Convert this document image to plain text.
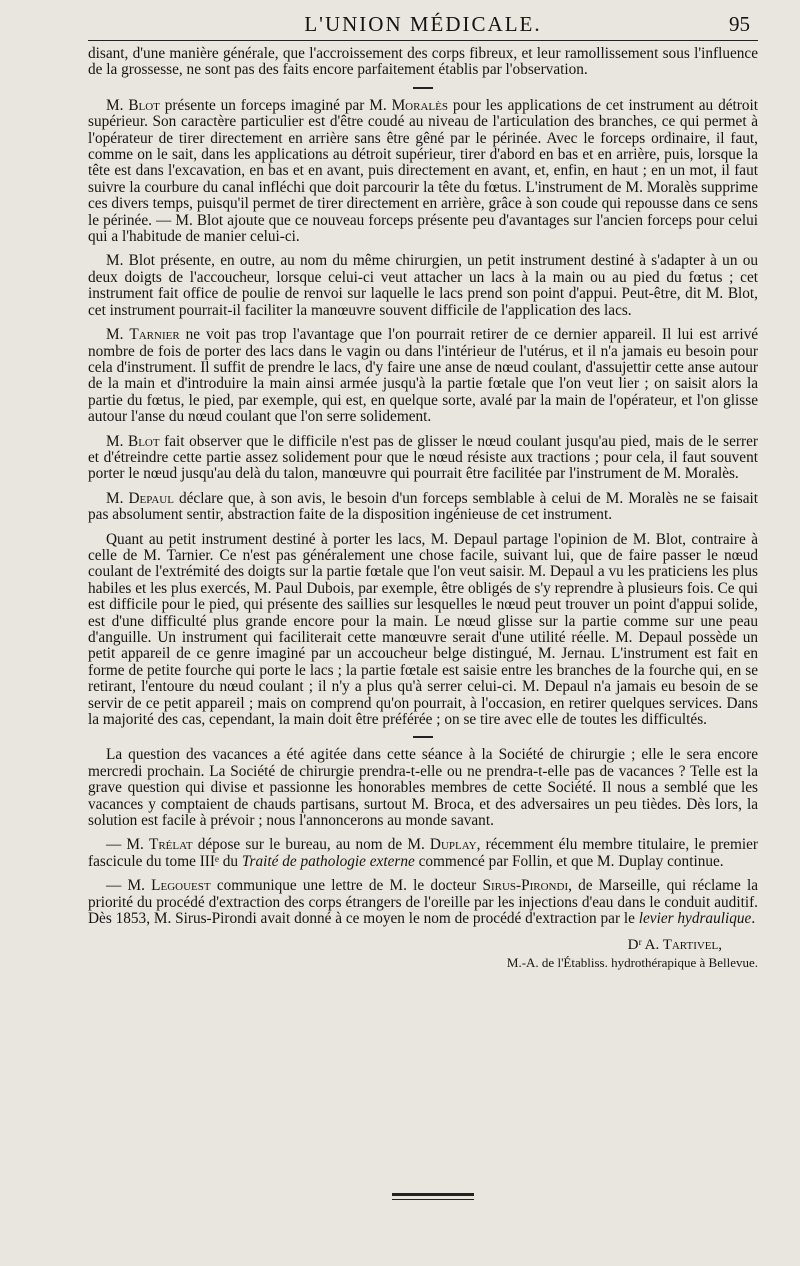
L'UNION MÉDICALE.	95

disant, d'une manière générale, que l'accroissement des corps fibreux, et leur ramollissement sous l'influence de la grossesse, ne sont pas des faits encore parfaitement établis par l'observation.

M. Blot présente un forceps imaginé par M. Moralès pour les applications de cet instrument au détroit supérieur. Son caractère particulier est d'être coudé au niveau de l'articulation des branches, ce qui permet à l'opérateur de tirer directement en arrière sans être gêné par le périnée. Avec le forceps ordinaire, il faut, comme on le sait, dans les applications au détroit supérieur, tirer d'abord en bas et en arrière, puis, lorsque la tête est dans l'excavation, en bas et en avant, puis directement en avant, et, enfin, en haut ; en un mot, il faut suivre la courbure du canal infléchi que doit parcourir la tête du fœtus. L'instrument de M. Moralès supprime ces divers temps, puisqu'il permet de tirer directement en arrière, grâce à son coude qui repousse dans ce sens le périnée. — M. Blot ajoute que ce nouveau forceps présente peu d'avantages sur l'ancien forceps pour celui qui a l'habitude de manier celui-ci.

M. Blot présente, en outre, au nom du même chirurgien, un petit instrument destiné à s'adapter à un ou deux doigts de l'accoucheur, lorsque celui-ci veut attacher un lacs à la main ou au pied du fœtus ; cet instrument fait office de poulie de renvoi sur laquelle le lacs prend son point d'appui. Peut-être, dit M. Blot, cet instrument pourrait-il faciliter la manœuvre souvent difficile de l'application des lacs.

M. Tarnier ne voit pas trop l'avantage que l'on pourrait retirer de ce dernier appareil. Il lui est arrivé nombre de fois de porter des lacs dans le vagin ou dans l'intérieur de l'utérus, et il n'a jamais eu besoin pour cela d'instrument. Il suffit de prendre le lacs, d'y faire une anse de nœud coulant, d'assujettir cette anse autour de la main et d'introduire la main ainsi armée jusqu'à la partie fœtale que l'on veut lier ; on saisit alors la partie du fœtus, le pied, par exemple, qui est, en quelque sorte, avalé par la main de l'opérateur, et l'on glisse autour l'anse du nœud coulant que l'on serre solidement.

M. Blot fait observer que le difficile n'est pas de glisser le nœud coulant jusqu'au pied, mais de le serrer et d'étreindre cette partie assez solidement pour que le nœud résiste aux tractions ; pour cela, il faut souvent porter le nœud jusqu'au delà du talon, manœuvre qui pourrait être facilitée par l'instrument de M. Moralès.

M. Depaul déclare que, à son avis, le besoin d'un forceps semblable à celui de M. Moralès ne se faisait pas absolument sentir, abstraction faite de la disposition ingénieuse de cet instrument.

Quant au petit instrument destiné à porter les lacs, M. Depaul partage l'opinion de M. Blot, contraire à celle de M. Tarnier. Ce n'est pas généralement une chose facile, suivant lui, que de faire passer le nœud coulant de l'extrémité des doigts sur la partie fœtale que l'on veut saisir. M. Depaul a vu les praticiens les plus habiles et les plus exercés, M. Paul Dubois, par exemple, être obligés de s'y reprendre à plusieurs fois. Ce qui est difficile pour le pied, qui présente des saillies sur lesquelles le nœud peut trouver un point d'appui solide, est d'une difficulté plus grande encore pour la main. Le nœud glisse sur la partie comme sur une peau d'anguille. Un instrument qui faciliterait cette manœuvre serait d'une utilité réelle. M. Depaul possède un petit appareil de ce genre imaginé par un accoucheur belge distingué, M. Jernau. L'instrument est fait en forme de petite fourche qui porte le lacs ; la partie fœtale est saisie entre les branches de la fourche qui, en se retirant, l'entoure du nœud coulant ; il n'y a plus qu'à serrer celui-ci. M. Depaul n'a jamais eu besoin de se servir de ce petit appareil ; mais on comprend qu'on pourrait, à l'occasion, en retirer quelques services. Dans la majorité des cas, cependant, la main doit être préférée ; on se tire avec elle de toutes les difficultés.

La question des vacances a été agitée dans cette séance à la Société de chirurgie ; elle le sera encore mercredi prochain. La Société de chirurgie prendra-t-elle ou ne prendra-t-elle pas de vacances ? Telle est la grave question qui divise et passionne les honorables membres de cette Société. Il nous a semblé que les vacances y comptaient de chauds partisans, surtout M. Broca, et des adversaires un peu tièdes. Dès lors, la solution est facile à prévoir ; nous l'annoncerons au monde savant.

— M. Trélat dépose sur le bureau, au nom de M. Duplay, récemment élu membre titulaire, le premier fascicule du tome IIIᵉ du Traité de pathologie externe commencé par Follin, et que M. Duplay continue.

— M. Legouest communique une lettre de M. le docteur Sirus-Pirondi, de Marseille, qui réclame la priorité du procédé d'extraction des corps étrangers de l'oreille par les injections d'eau dans le conduit auditif. Dès 1853, M. Sirus-Pirondi avait donné à ce moyen le nom de procédé d'extraction par le levier hydraulique.

Dʳ A. Tartivel,
M.-A. de l'Établiss. hydrothérapique à Bellevue.
